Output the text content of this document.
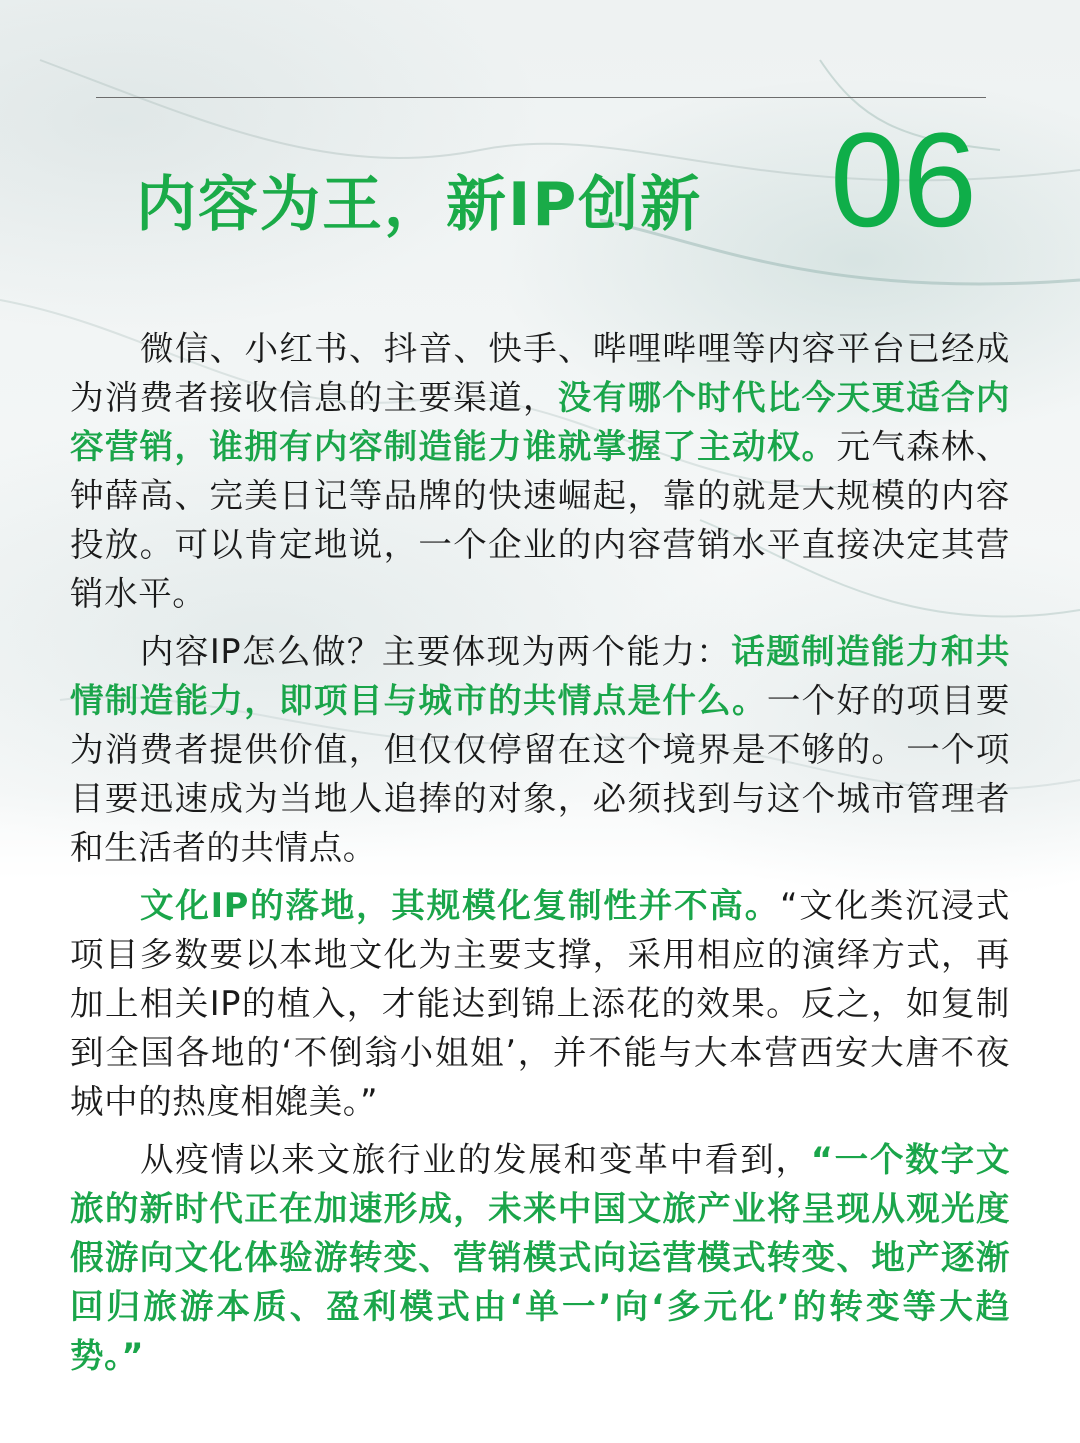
内容为王，新IP创新 06

微信、小红书、抖音、快手、哔哩哔哩等内容平台已经成为消费者接收信息的主要渠道，没有哪个时代比今天更适合内容营销，谁拥有内容制造能力谁就掌握了主动权。元气森林、钟薛高、完美日记等品牌的快速崛起，靠的就是大规模的内容投放。可以肯定地说，一个企业的内容营销水平直接决定其营销水平。

内容IP怎么做？主要体现为两个能力：话题制造能力和共情制造能力，即项目与城市的共情点是什么。一个好的项目要为消费者提供价值，但仅仅停留在这个境界是不够的。一个项目要迅速成为当地人追捧的对象，必须找到与这个城市管理者和生活者的共情点。

文化IP的落地，其规模化复制性并不高。“文化类沉浸式项目多数要以本地文化为主要支撑，采用相应的演绎方式，再加上相关IP的植入，才能达到锦上添花的效果。反之，如复制到全国各地的‘不倒翁小姐姐’，并不能与大本营西安大唐不夜城中的热度相媲美。”

从疫情以来文旅行业的发展和变革中看到，“一个数字文旅的新时代正在加速形成，未来中国文旅产业将呈现从观光度假游向文化体验游转变、营销模式向运营模式转变、地产逐渐回归旅游本质、盈利模式由‘单一’向‘多元化’的转变等大趋势。”
